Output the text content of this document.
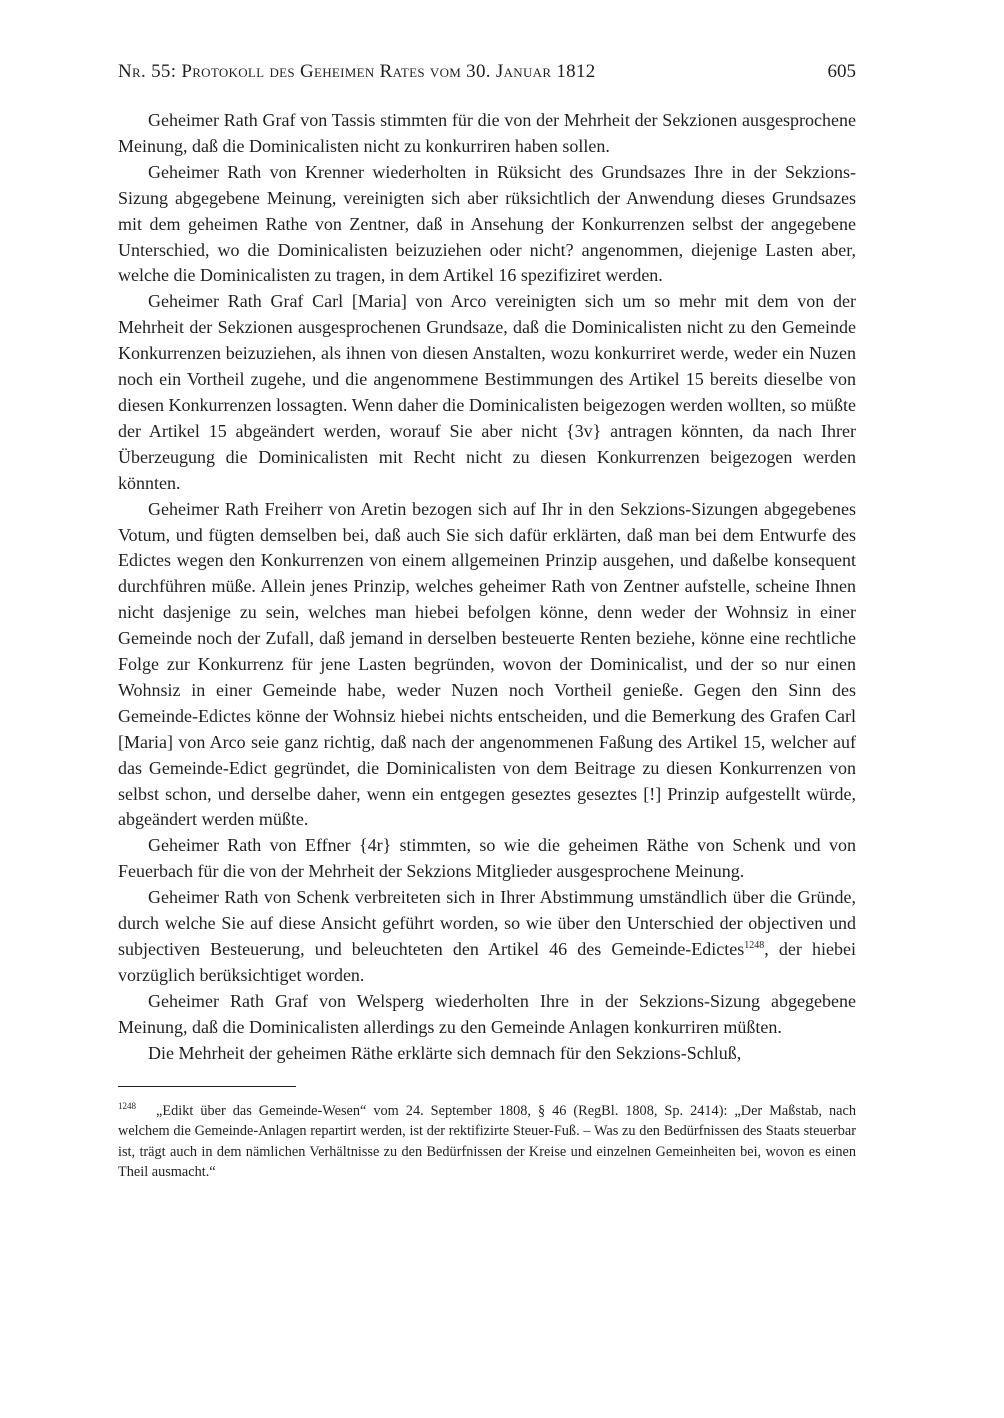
Nr. 55: Protokoll des Geheimen Rates vom 30. Januar 1812	605

Geheimer Rath Graf von Tassis stimmten für die von der Mehrheit der Sekzionen ausgesprochene Meinung, daß die Dominicalisten nicht zu konkurriren haben sollen.

Geheimer Rath von Krenner wiederholten in Rüksicht des Grundsazes Ihre in der Sekzions-Sizung abgegebene Meinung, vereinigten sich aber rüksichtlich der Anwendung dieses Grundsazes mit dem geheimen Rathe von Zentner, daß in Ansehung der Konkurrenzen selbst der angegebene Unterschied, wo die Dominicalisten beizuziehen oder nicht? angenommen, diejenige Lasten aber, welche die Dominicalisten zu tragen, in dem Artikel 16 spezifiziret werden.

Geheimer Rath Graf Carl [Maria] von Arco vereinigten sich um so mehr mit dem von der Mehrheit der Sekzionen ausgesprochenen Grundsaze, daß die Dominicalisten nicht zu den Gemeinde Konkurrenzen beizuziehen, als ihnen von diesen Anstalten, wozu konkurriret werde, weder ein Nuzen noch ein Vortheil zugehe, und die angenommene Bestimmungen des Artikel 15 bereits dieselbe von diesen Konkurrenzen lossagten. Wenn daher die Dominicalisten beigezogen werden wollten, so müßte der Artikel 15 abgeändert werden, worauf Sie aber nicht {3v} antragen könnten, da nach Ihrer Überzeugung die Dominicalisten mit Recht nicht zu diesen Konkurrenzen beigezogen werden könnten.

Geheimer Rath Freiherr von Aretin bezogen sich auf Ihr in den Sekzions-Sizungen abgegebenes Votum, und fügten demselben bei, daß auch Sie sich dafür erklärten, daß man bei dem Entwurfe des Edictes wegen den Konkurrenzen von einem allgemeinen Prinzip ausgehen, und daßelbe konsequent durchführen müße. Allein jenes Prinzip, welches geheimer Rath von Zentner aufstelle, scheine Ihnen nicht dasjenige zu sein, welches man hiebei befolgen könne, denn weder der Wohnsiz in einer Gemeinde noch der Zufall, daß jemand in derselben besteuerte Renten beziehe, könne eine rechtliche Folge zur Konkurrenz für jene Lasten begründen, wovon der Dominicalist, und der so nur einen Wohnsiz in einer Gemeinde habe, weder Nuzen noch Vortheil genieße. Gegen den Sinn des Gemeinde-Edictes könne der Wohnsiz hiebei nichts entscheiden, und die Bemerkung des Grafen Carl [Maria] von Arco seie ganz richtig, daß nach der angenommenen Faßung des Artikel 15, welcher auf das Gemeinde-Edict gegründet, die Dominicalisten von dem Beitrage zu diesen Konkurrenzen von selbst schon, und derselbe daher, wenn ein entgegen geseztes geseztes [!] Prinzip aufgestellt würde, abgeändert werden müßte.

Geheimer Rath von Effner {4r} stimmten, so wie die geheimen Räthe von Schenk und von Feuerbach für die von der Mehrheit der Sekzions Mitglieder ausgesprochene Meinung.

Geheimer Rath von Schenk verbreiteten sich in Ihrer Abstimmung umständlich über die Gründe, durch welche Sie auf diese Ansicht geführt worden, so wie über den Unterschied der objectiven und subjectiven Besteuerung, und beleuchteten den Artikel 46 des Gemeinde-Edictes$^{1248}$, der hiebei vorzüglich berüksichtiget worden.

Geheimer Rath Graf von Welsperg wiederholten Ihre in der Sekzions-Sizung abgegebene Meinung, daß die Dominicalisten allerdings zu den Gemeinde Anlagen konkurriren müßten.

Die Mehrheit der geheimen Räthe erklärte sich demnach für den Sekzions-Schluß,

1248 „Edikt über das Gemeinde-Wesen“ vom 24. September 1808, § 46 (RegBl. 1808, Sp. 2414): „Der Maßstab, nach welchem die Gemeinde-Anlagen repartirt werden, ist der rektifizirte Steuer-Fuß. – Was zu den Bedürfnissen des Staats steuerbar ist, trägt auch in dem nämlichen Verhältnisse zu den Bedürfnissen der Kreise und einzelnen Gemeinheiten bei, wovon es einen Theil ausmacht.“
